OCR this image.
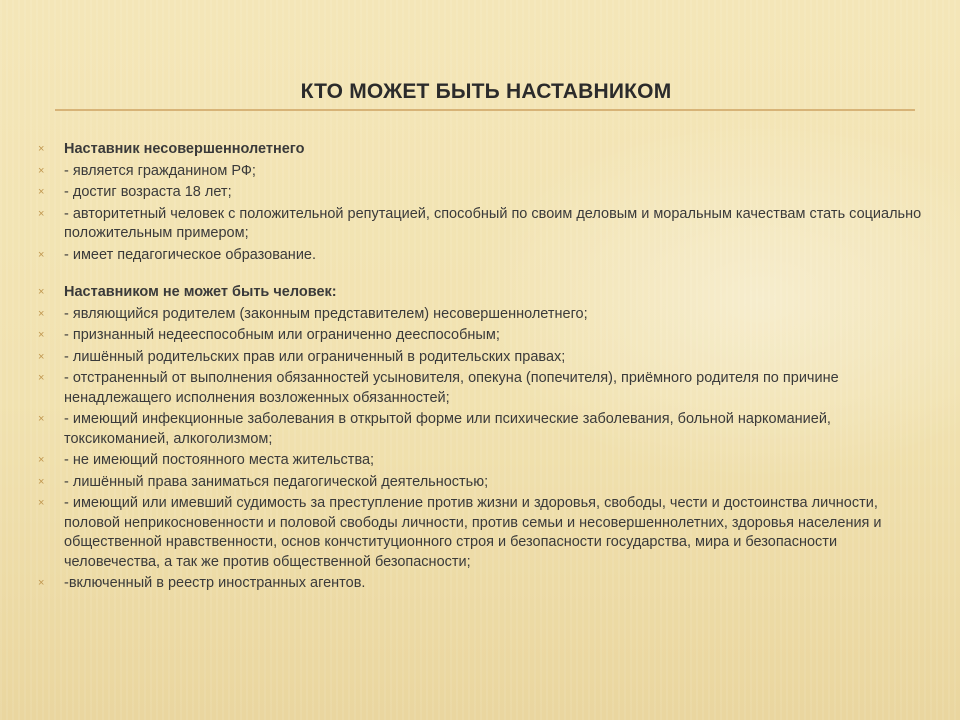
КТО МОЖЕТ БЫТЬ НАСТАВНИКОМ
×	Наставник несовершеннолетнего
×	- является гражданином РФ;
×	- достиг возраста 18 лет;
×	- авторитетный человек с положительной репутацией, способный по своим деловым и моральным качествам стать социально положительным примером;
×	- имеет педагогическое образование.
×	Наставником не может быть человек:
×	- являющийся родителем (законным представителем) несовершеннолетнего;
×	- признанный недееспособным или ограниченно дееспособным;
×	- лишённый родительских прав или ограниченный в родительских правах;
×	- отстраненный от выполнения обязанностей усыновителя, опекуна (попечителя), приёмного родителя по причине ненадлежащего исполнения возложенных обязанностей;
×	- имеющий инфекционные заболевания в открытой форме или психические заболевания, больной наркоманией, токсикоманией, алкоголизмом;
×	- не имеющий постоянного места жительства;
×	- лишённый права заниматься педагогической деятельностью;
×	- имеющий или имевший судимость за преступление против жизни и здоровья, свободы, чести и достоинства личности, половой неприкосновенности и половой свободы личности, против семьи и несовершеннолетних, здоровья населения и общественной нравственности, основ кончституционного строя и безопасности государства, мира и безопасности человечества, а так же против общественной безопасности;
×	-включенный в реестр иностранных агентов.
